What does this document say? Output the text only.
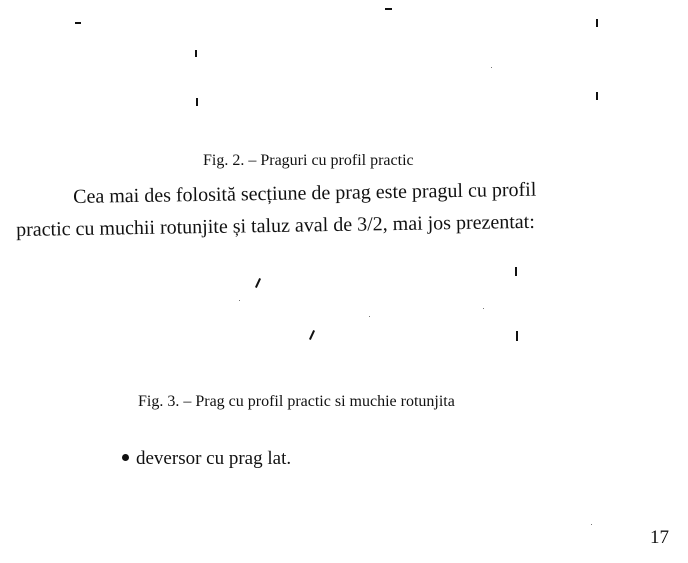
Fig. 2. – Praguri cu profil practic
Cea mai des folosită secțiune de prag este pragul cu profil
practic cu muchii rotunjite și taluz aval de 3/2, mai jos prezentat:
Fig. 3. – Prag cu profil practic si muchie rotunjita
deversor cu prag lat.
17
